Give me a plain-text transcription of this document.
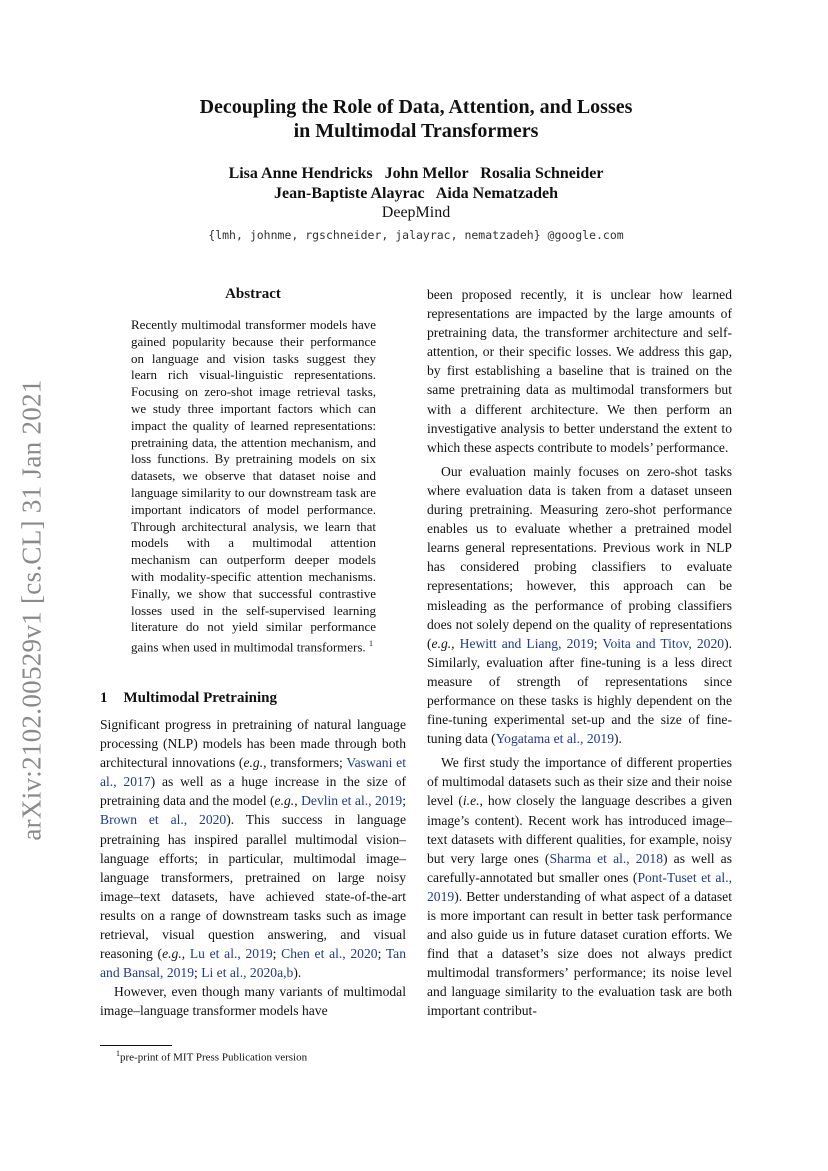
arXiv:2102.00529v1 [cs.CL] 31 Jan 2021
Decoupling the Role of Data, Attention, and Losses
in Multimodal Transformers
Lisa Anne Hendricks   John Mellor   Rosalia Schneider
Jean-Baptiste Alayrac   Aida Nematzadeh
DeepMind
{lmh, johnme, rgschneider, jalayrac, nematzadeh} @google.com
Abstract
Recently multimodal transformer models have gained popularity because their performance on language and vision tasks suggest they learn rich visual-linguistic representations. Focusing on zero-shot image retrieval tasks, we study three important factors which can impact the quality of learned representations: pretraining data, the attention mechanism, and loss functions. By pretraining models on six datasets, we observe that dataset noise and language similarity to our downstream task are important indicators of model performance. Through architectural analysis, we learn that models with a multimodal attention mechanism can outperform deeper models with modality-specific attention mechanisms. Finally, we show that successful contrastive losses used in the self-supervised learning literature do not yield similar performance gains when used in multimodal transformers. $^1$
1 Multimodal Pretraining

Significant progress in pretraining of natural language processing (NLP) models has been made through both architectural innovations (e.g., transformers; Vaswani et al., 2017) as well as a huge increase in the size of pretraining data and the model (e.g., Devlin et al., 2019; Brown et al., 2020). This success in language pretraining has inspired parallel multimodal vision–language efforts; in particular, multimodal image–language transformers, pretrained on large noisy image–text datasets, have achieved state-of-the-art results on a range of downstream tasks such as image retrieval, visual question answering, and visual reasoning (e.g., Lu et al., 2019; Chen et al., 2020; Tan and Bansal, 2019; Li et al., 2020a,b).

However, even though many variants of multimodal image–language transformer models have

$^1$pre-print of MIT Press Publication version

been proposed recently, it is unclear how learned representations are impacted by the large amounts of pretraining data, the transformer architecture and self-attention, or their specific losses. We address this gap, by first establishing a baseline that is trained on the same pretraining data as multimodal transformers but with a different architecture. We then perform an investigative analysis to better understand the extent to which these aspects contribute to models’ performance.

Our evaluation mainly focuses on zero-shot tasks where evaluation data is taken from a dataset unseen during pretraining. Measuring zero-shot performance enables us to evaluate whether a pretrained model learns general representations. Previous work in NLP has considered probing classifiers to evaluate representations; however, this approach can be misleading as the performance of probing classifiers does not solely depend on the quality of representations (e.g., Hewitt and Liang, 2019; Voita and Titov, 2020). Similarly, evaluation after fine-tuning is a less direct measure of strength of representations since performance on these tasks is highly dependent on the fine-tuning experimental set-up and the size of fine-tuning data (Yogatama et al., 2019).

We first study the importance of different properties of multimodal datasets such as their size and their noise level (i.e., how closely the language describes a given image’s content). Recent work has introduced image–text datasets with different qualities, for example, noisy but very large ones (Sharma et al., 2018) as well as carefully-annotated but smaller ones (Pont-Tuset et al., 2019). Better understanding of what aspect of a dataset is more important can result in better task performance and also guide us in future dataset curation efforts. We find that a dataset’s size does not always predict multimodal transformers’ performance; its noise level and language similarity to the evaluation task are both important contribut-
